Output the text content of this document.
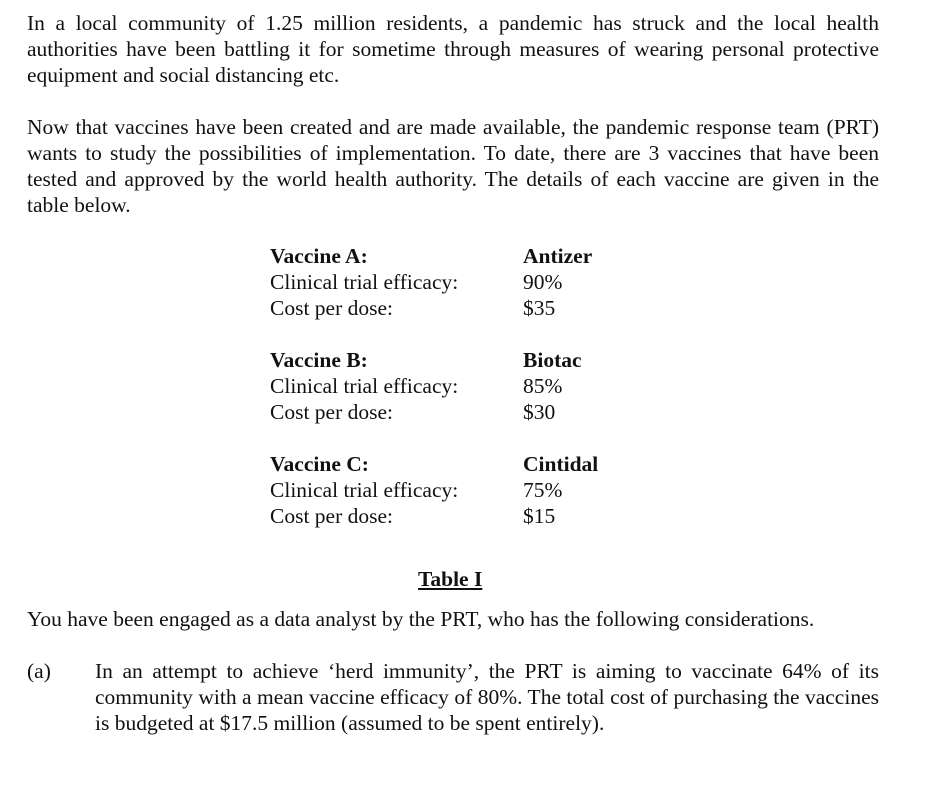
In a local community of 1.25 million residents, a pandemic has struck and the local health authorities have been battling it for sometime through measures of wearing personal protective equipment and social distancing etc.

Now that vaccines have been created and are made available, the pandemic response team (PRT) wants to study the possibilities of implementation. To date, there are 3 vaccines that have been tested and approved by the world health authority. The details of each vaccine are given in the table below.

Vaccine A:	Antizer
Clinical trial efficacy:	90%
Cost per dose:	$35
Vaccine B:	Biotac
Clinical trial efficacy:	85%
Cost per dose:	$30
Vaccine C:	Cintidal
Clinical trial efficacy:	75%
Cost per dose:	$15
Table I

You have been engaged as a data analyst by the PRT, who has the following considerations.

(a)	In an attempt to achieve ‘herd immunity’, the PRT is aiming to vaccinate 64% of its community with a mean vaccine efficacy of 80%. The total cost of purchasing the vaccines is budgeted at $17.5 million (assumed to be spent entirely).
